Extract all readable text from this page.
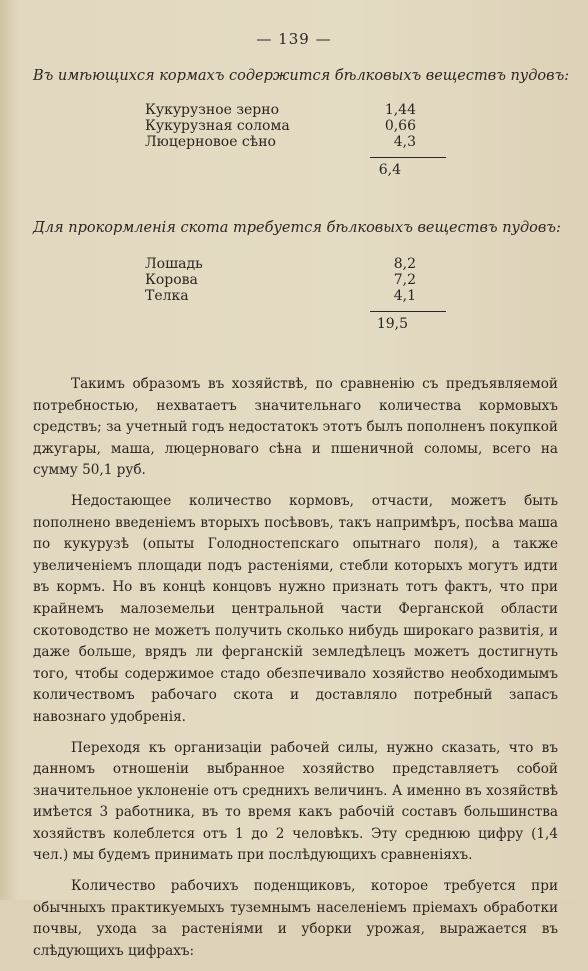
— 139 —
Въ имѣющихся кормахъ содержится бѣлковыхъ веществъ пудовъ:
Кукурузное зерно	1,44
Кукурузная солома	0,66
Люцерновое сѣно	4,3
6,4
Для прокормленія скота требуется бѣлковыхъ веществъ пудовъ:
Лошадь	8,2
Корова	7,2
Телка	4,1
19,5

Такимъ образомъ въ хозяйствѣ, по сравненію съ предъявляемой потребностью, нехватаетъ значительнаго количества кормовыхъ средствъ; за учетный годъ недостатокъ этотъ былъ пополненъ покупкой джугары, маша, люцерноваго сѣна и пшеничной соломы, всего на сумму 50,1 руб.

Недостающее количество кормовъ, отчасти, можетъ быть пополнено введеніемъ вторыхъ посѣвовъ, такъ напримѣръ, посѣва маша по кукурузѣ (опыты Голодностепскаго опытнаго поля), а также увеличеніемъ площади подъ растеніями, стебли которыхъ могутъ идти въ кормъ. Но въ концѣ концовъ нужно признать тотъ фактъ, что при крайнемъ малоземельи центральной части Ферганской области скотоводство не можетъ получить сколько нибудь широкаго развитія, и даже больше, врядъ ли ферганскій земледѣлецъ можетъ достигнуть того, чтобы содержимое стадо обезпечивало хозяйство необходимымъ количествомъ рабочаго скота и доставляло потребный запасъ навознаго удобренія.

Переходя къ организаціи рабочей силы, нужно сказать, что въ данномъ отношеніи выбранное хозяйство представляетъ собой значительное уклоненіе отъ среднихъ величинъ. А именно въ хозяйствѣ имѣется 3 работника, въ то время какъ рабочій составъ большинства хозяйствъ колеблется отъ 1 до 2 человѣкъ. Эту среднюю цифру (1,4 чел.) мы будемъ принимать при послѣдующихъ сравненіяхъ.

Количество рабочихъ поденщиковъ, которое требуется при обычныхъ практикуемыхъ туземнымъ населеніемъ пріемахъ обработки почвы, ухода за растеніями и уборки урожая, выражается въ слѣдующихъ цифрахъ:
